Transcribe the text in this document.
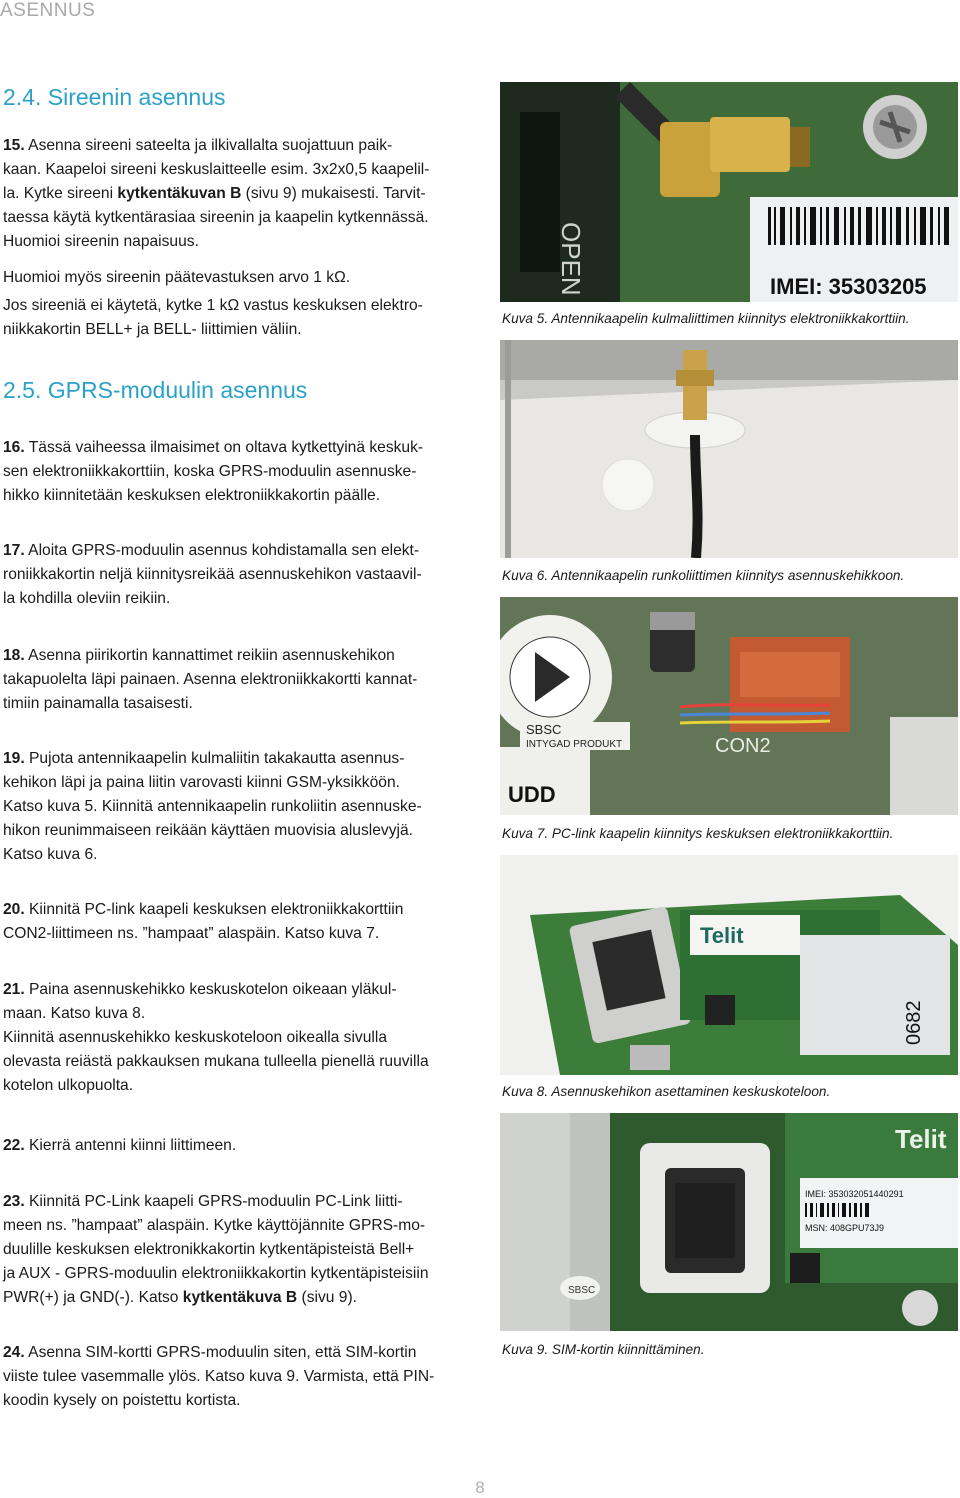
ASENNUS
2.4. Sireenin asennus
15. Asenna sireeni sateelta ja ilkivallalta suojattuun paik-
kaan. Kaapeloi sireeni keskuslaitteelle esim. 3x2x0,5 kaapelil-
la. Kytke sireeni kytkentäkuvan B (sivu 9) mukaisesti. Tarvit-
taessa käytä kytkentärasiaa sireenin ja kaapelin kytkennässä.
Huomioi sireenin napaisuus.
Huomioi myös sireenin päätevastuksen arvo 1 kΩ.
Jos sireeniä ei käytetä, kytke 1 kΩ vastus keskuksen elektro-
niikkakortin BELL+ ja BELL- liittimien väliin.
2.5. GPRS-moduulin asennus
16. Tässä vaiheessa ilmaisimet on oltava kytkettyinä keskuk-
sen elektroniikkakorttiin, koska GPRS-moduulin asennuske-
hikko kiinnitetään keskuksen elektroniikkakortin päälle.
17. Aloita GPRS-moduulin asennus kohdistamalla sen elekt-
roniikkakortin neljä kiinnitysreikää asennuskehikon vastaavil-
la kohdilla oleviin reikiin.
18. Asenna piirikortin kannattimet reikiin asennuskehikon
takapuolelta läpi painaen. Asenna elektroniikkakortti kannat-
timiin painamalla tasaisesti.
19. Pujota antennikaapelin kulmaliitin takakautta asennus-
kehikon läpi ja paina liitin varovasti kiinni GSM-yksikköön.
Katso kuva 5. Kiinnitä antennikaapelin runkoliitin asennuske-
hikon reunimmaiseen reikään käyttäen muovisia aluslevyjä.
Katso kuva 6.
20. Kiinnitä PC-link kaapeli keskuksen elektroniikkakorttiin
CON2-liittimeen ns. ”hampaat” alaspäin. Katso kuva 7.
21. Paina asennuskehikko keskuskotelon oikeaan yläkul-
maan. Katso kuva 8.
Kiinnitä asennuskehikko keskuskoteloon oikealla sivulla
olevasta reiästä pakkauksen mukana tulleella pienellä ruuvilla
kotelon ulkopuolta.
22. Kierrä antenni kiinni liittimeen.
23. Kiinnitä PC-Link kaapeli GPRS-moduulin PC-Link liitti-
meen ns. ”hampaat” alaspäin. Kytke käyttöjännite GPRS-mo-
duulille keskuksen elektronikkakortin kytkentäpisteistä Bell+
ja AUX - GPRS-moduulin elektroniikkakortin kytkentäpisteisiin
PWR(+) ja GND(-). Katso kytkentäkuva B (sivu 9).
24. Asenna SIM-kortti GPRS-moduulin siten, että SIM-kortin
viiste tulee vasemmalle ylös. Katso kuva 9. Varmista, että PIN-
koodin kysely on poistettu kortista.
OPEN	IMEI: 35303205
Kuva 5. Antennikaapelin kulmaliittimen kiinnitys elektroniikkakorttiin.
Kuva 6. Antennikaapelin runkoliittimen kiinnitys asennuskehikkoon.
UDD
SBSC
INTYGAD PRODUKT	CON2
Kuva 7. PC-link kaapelin kiinnitys keskuksen elektroniikkakorttiin.
Telit
0682
Kuva 8. Asennuskehikon asettaminen keskuskoteloon.
Telit
IMEI: 353032051440291
MSN: 408GPU73J9
SBSC
Kuva 9. SIM-kortin kiinnittäminen.
8
